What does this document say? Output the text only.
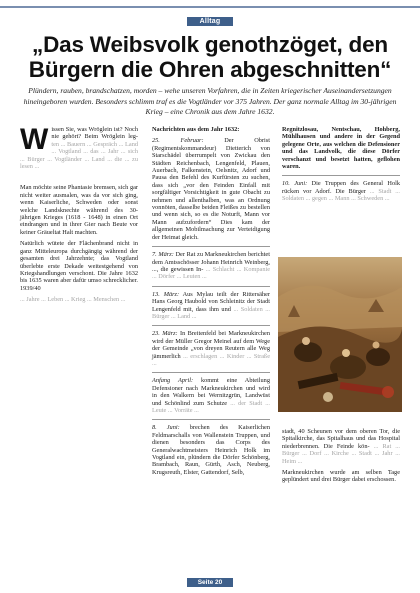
Alltag
„Das Weibsvolk genothzöget, den Bürgern die Ohren abgeschnitten“
Plündern, rauben, brandschatzen, morden – wehe unseren Vorfahren, die in Zeiten kriegerischer Auseinandersetzungen hineingeboren wurden. Besonders schlimm traf es die Vogtländer vor 375 Jahren. Der ganz normale Alltag im 30-jährigen Krieg – eine Chronik aus dem Jahre 1632.

W issen Sie, was Wröglein ist? Noch nie gehört? Beim Wröglein leg- ten ... Bauern ... Gespräch ... Land ... Vogtland ... das ... Jahr ... sich ... Bürger ... Vogtländer ... Land ... die ... zu lesen ...

Man möchte seine Phantasie bremsen, sich gar nicht weiter ausmalen, was da vor sich ging, wenn Kaiserliche, Schweden oder sonst welche Landsknechte während des 30-jährigen Krieges (1618 - 1648) in einen Ort eindrangen und in ihrer Gier nach Beute vor keiner Gräueltat Halt machten.

Natürlich wütete der Flächenbrand nicht in ganz Mitteleuropa durchgängig während der gesamten drei Jahrzehnte; das Vogtland überlebte erste Dekade weitestgehend von Kriegshandlungen verschont. Die Jahre 1632 bis 1635 waren aber dafür umso schrecklicher. 1939/40

... Jahre ... Leben ... Krieg ... Menschen ...

Nachrichten aus dem Jahr 1632:

25. Februar:	Der Obrist (Regimentskommandeur) Dietterich von Starschädel überrumpelt von Zwickau den Städten Reichenbach, Lengenfeld, Plauen, Auerbach, Falkenstein, Oelsnitz, Adorf und Pausa den Befehl des Kurfürsten zu suchen, dass sich „vor den Feinden Einfall mit sorgfältiger Vorsichtigkeit in gute Obacht zu nehmen und allenthalben, was an Ordnung vonnöten, dasselbe beiden Fleißes zu bestellen und wenn sich, so es die Noturft, Mann vor Mann aufzufordern“ Dies kam der allgemeinen Mobilmachung zur Verteidigung der Heimat gleich.

7. März: Der Rat zu Markneukirchen berichtet dem Amtsschösser Johann Heinrich Weinberg, ..., die gewissen In- ... Schlacht ... Kompanie ... Dörfer ... Leuten ...

13. März: Aus Mylau teilt der Rittersäher Hans Georg Haubold von Schleinitz der Stadt Lengenfeld mit, dass ihm und ... Soldaten ... Bürger ... Land ...

23. März: In Breitenfeld bei Markneukirchen wird der Müller Gregor Meinel auf dem Wege der Gemeinde „von dreyen Reutern alle Weg jämmerlich ... erschlagen ... Kinder ... Straße ...

Anfang April: kommt eine Abteilung Defensioner nach Markneukirchen und wird in den Walkern bei Wernitzgrün, Landwüst und Schönlind zum Schutze ... der Stadt ... Leute ... Vorräte ...

8. Juni: brechen des Kaiserlichen Feldmarschalls von Wallenstein Truppen, und dienen besonders das Corps des Generalwachtmeisters Heinrich Holk im Vogtland ein, plündern die Dörfer Schönberg, Brambach, Raun, Gürth, Asch, Neuberg, Krugsreuth, Elster, Gattendorf, Selb,

Regnitzlosau, Nentschau, Hohberg, Mühlhausen und andere in der Gegend gelegene Orte, aus welchen die Defensioner und das Landvolk, die diese Dörfer verschanzt und besetzt hatten, geflohen waren.

10. Juni: Die Truppen des General Holk rücken vor Adorf. Die Bürger ... Stadt ... Soldaten ... gegen ... Mann ... Schweden ...

stadt, 40 Scheunen vor dem oberen Tor, die Spitalkirche, das Spitalhaus und das Hospital niederbrennen. Die Feinde kön- ... Rat ... Bürger ... Dorf ... Kirche ... Stadt ... Jahr ... Heim ...

Markneukirchen wurde am selben Tage geplündert und drei Bürger dabei erschossen.

Seite 20
